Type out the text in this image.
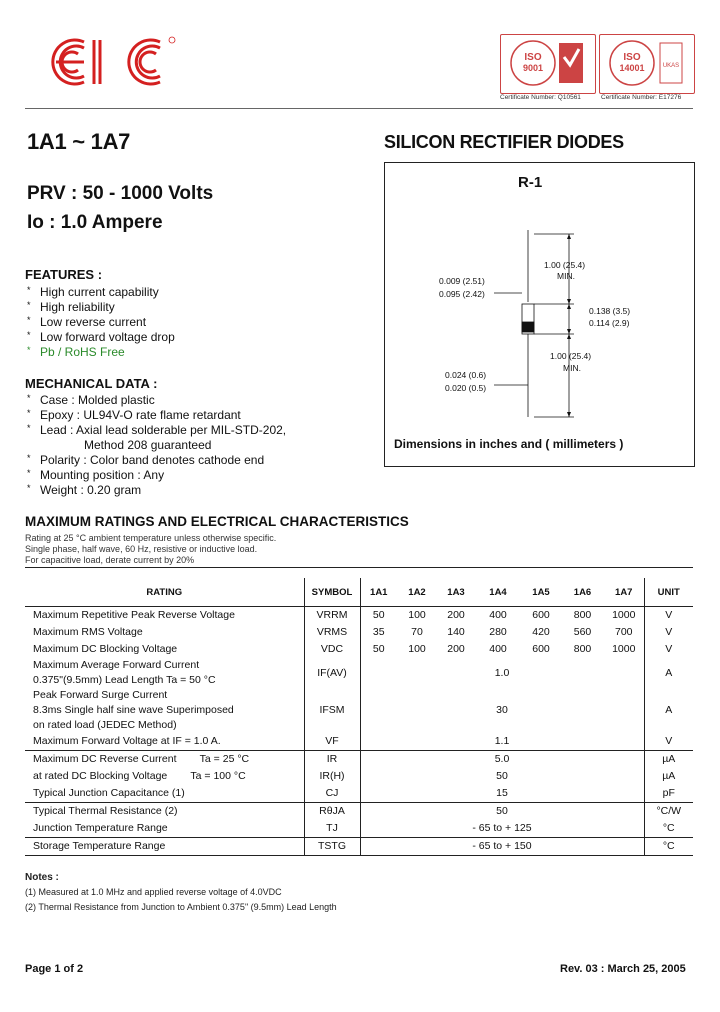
ISO
9001
Certificate Number: Q10561
ISO
14001	UKAS
Certificate Number: E17276
1A1 ~ 1A7	SILICON RECTIFIER DIODES
PRV : 50 - 1000 Volts
Io : 1.0 Ampere
FEATURES :
* High current capability
* High reliability
* Low reverse current
* Low forward voltage drop
* Pb / RoHS Free
MECHANICAL DATA :
* Case : Molded plastic
* Epoxy : UL94V-O rate flame retardant
* Lead : Axial lead solderable per MIL-STD-202,
Method 208 guaranteed
* Polarity : Color band denotes cathode end
* Mounting position : Any
* Weight : 0.20 gram
R-1
1.00 (25.4)
MIN.
0.009 (2.51)
0.095 (2.42)
0.138 (3.5)
0.114 (2.9)
1.00 (25.4)
MIN.
0.024 (0.6)
0.020 (0.5)
Dimensions in inches and ( millimeters )
MAXIMUM RATINGS AND ELECTRICAL CHARACTERISTICS
Rating at 25 °C ambient temperature unless otherwise specific.
Single phase, half wave, 60 Hz, resistive or inductive load.
For capacitive load, derate current by 20%
RATING	SYMBOL	1A1	1A2	1A3	1A4	1A5	1A6	1A7	UNIT
Maximum Repetitive Peak Reverse Voltage	VRRM	50	100	200	400	600	800	1000	V
Maximum RMS Voltage	VRMS	35	70	140	280	420	560	700	V
Maximum DC Blocking Voltage	VDC	50	100	200	400	600	800	1000	V
Maximum Average Forward Current
0.375"(9.5mm) Lead Length Ta = 50 °C	IF(AV)	1.0							A
Peak Forward Surge Current
8.3ms Single half sine wave Superimposed
on rated load (JEDEC Method)	IFSM	30							A
Maximum Forward Voltage at IF = 1.0 A.	VF	1.1							V
Maximum DC Reverse Current        Ta = 25 °C	IR	5.0							µA
at rated DC Blocking Voltage        Ta = 100 °C	IR(H)	50							µA
Typical Junction Capacitance (1)	CJ	15							pF
Typical Thermal Resistance (2)	RθJA	50							°C/W
Junction Temperature Range	TJ	- 65 to + 125							°C
Storage Temperature Range	TSTG	- 65 to + 150							°C
Notes :
(1) Measured at 1.0 MHz and applied reverse voltage of 4.0VDC
(2) Thermal Resistance from Junction to Ambient 0.375" (9.5mm) Lead Length
Page 1 of 2	Rev. 03 : March 25, 2005
